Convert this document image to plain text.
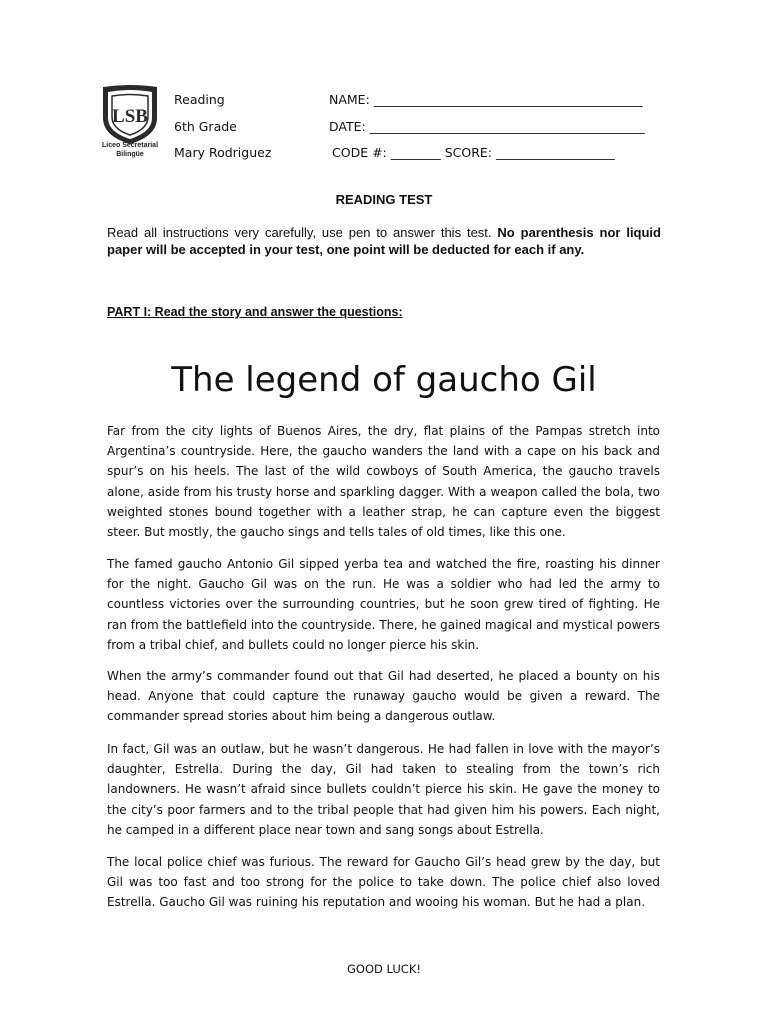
LSB
Liceo Secretarial
Bilingüe
Reading
6th Grade
Mary Rodriguez
NAME: ___________________________________________
DATE: ____________________________________________
CODE #: ________ SCORE: ___________________
READING TEST
Read all instructions very carefully, use pen to answer this test. No parenthesis nor liquid paper will be accepted in your test, one point will be deducted for each if any.
PART I: Read the story and answer the questions:
The legend of gaucho Gil
Far from the city lights of Buenos Aires, the dry, flat plains of the Pampas stretch into Argentina’s countryside. Here, the gaucho wanders the land with a cape on his back and spur’s on his heels. The last of the wild cowboys of South America, the gaucho travels alone, aside from his trusty horse and sparkling dagger. With a weapon called the bola, two weighted stones bound together with a leather strap, he can capture even the biggest steer. But mostly, the gaucho sings and tells tales of old times, like this one.
The famed gaucho Antonio Gil sipped yerba tea and watched the fire, roasting his dinner for the night. Gaucho Gil was on the run. He was a soldier who had led the army to countless victories over the surrounding countries, but he soon grew tired of fighting. He ran from the battlefield into the countryside. There, he gained magical and mystical powers from a tribal chief, and bullets could no longer pierce his skin.
When the army’s commander found out that Gil had deserted, he placed a bounty on his head. Anyone that could capture the runaway gaucho would be given a reward. The commander spread stories about him being a dangerous outlaw.
In fact, Gil was an outlaw, but he wasn’t dangerous. He had fallen in love with the mayor’s daughter, Estrella. During the day, Gil had taken to stealing from the town’s rich landowners. He wasn’t afraid since bullets couldn’t pierce his skin. He gave the money to the city’s poor farmers and to the tribal people that had given him his powers. Each night, he camped in a different place near town and sang songs about Estrella.
The local police chief was furious. The reward for Gaucho Gil’s head grew by the day, but Gil was too fast and too strong for the police to take down. The police chief also loved Estrella. Gaucho Gil was ruining his reputation and wooing his woman. But he had a plan.
GOOD LUCK!
